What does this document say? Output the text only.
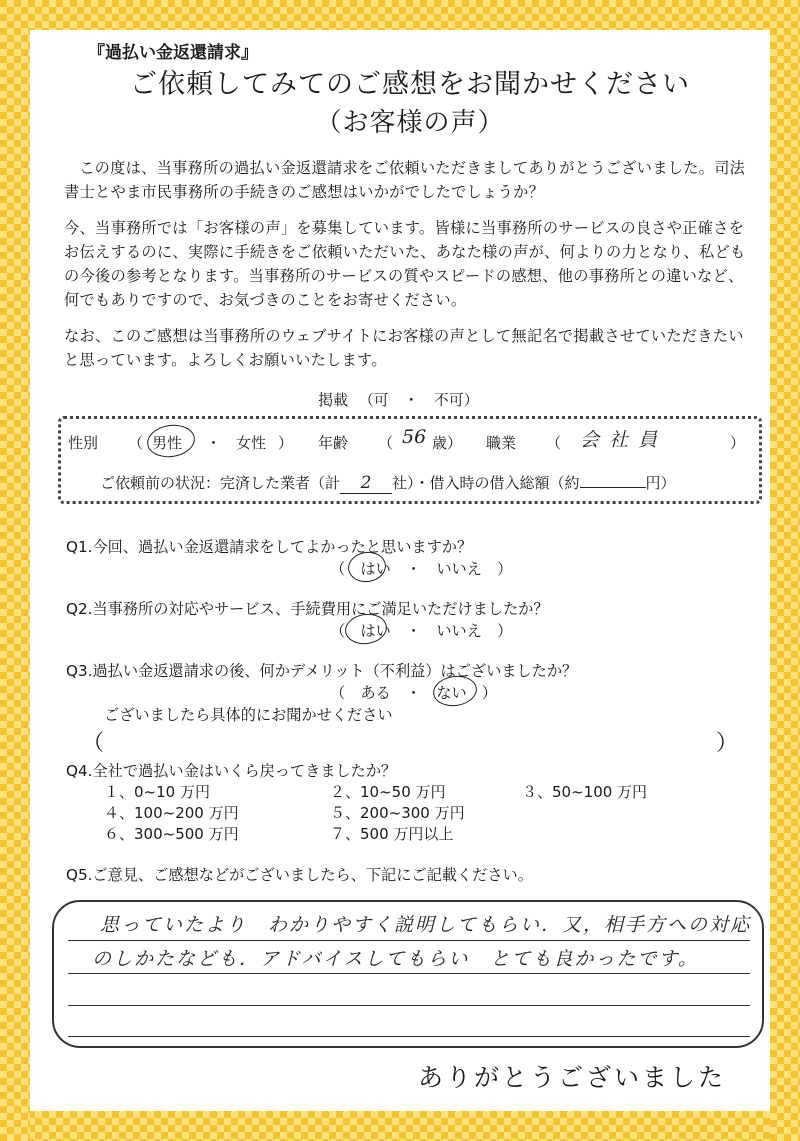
『過払い金返還請求』
ご依頼してみてのご感想をお聞かせください
（お客様の声）
この度は、当事務所の過払い金返還請求をご依頼いただきましてありがとうございました。司法書士とやま市民事務所の手続きのご感想はいかがでしたでしょうか？
今、当事務所では「お客様の声」を募集しています。皆様に当事務所のサービスの良さや正確さをお伝えするのに、実際に手続きをご依頼いただいた、あなた様の声が、何よりの力となり、私どもの今後の参考となります。当事務所のサービスの質やスピードの感想、他の事務所との違いなど、何でもありですので、お気づきのことをお寄せください。
なお、このご感想は当事務所のウェブサイトにお客様の声として無記名で掲載させていただきたいと思っています。よろしくお願いいたします。
掲載 （可　・　不可）
性別 （ 男性 ・ 女性 ） 年齢 （ 56 歳） 職業 （ 会社員	）
ご依頼前の状況：完済した業者（計 2 社）・借入時の借入総額（約	円）
Q1.今回、過払い金返還請求をしてよかったと思いますか？
（　はい　・　いいえ　）
Q2.当事務所の対応やサービス、手続費用にご満足いただけましたか？
（　はい　・　いいえ　）
Q3.過払い金返還請求の後、何かデメリット（不利益）はございましたか？
（　ある　・　ない　）
ございましたら具体的にお聞かせください
（	）
Q4.全社で過払い金はいくら戻ってきましたか？
１、0~10 万円	２、10~50 万円	３、50~100 万円
４、100~200 万円	５、200~300 万円
６、300~500 万円	７、500 万円以上
Q5.ご意見、ご感想などがございましたら、下記にご記載ください。
思っていたより　わかりやすく説明してもらい．又，相手方への対応
のしかたなども．アドバイスしてもらい　とても良かったです。
ありがとうございました
